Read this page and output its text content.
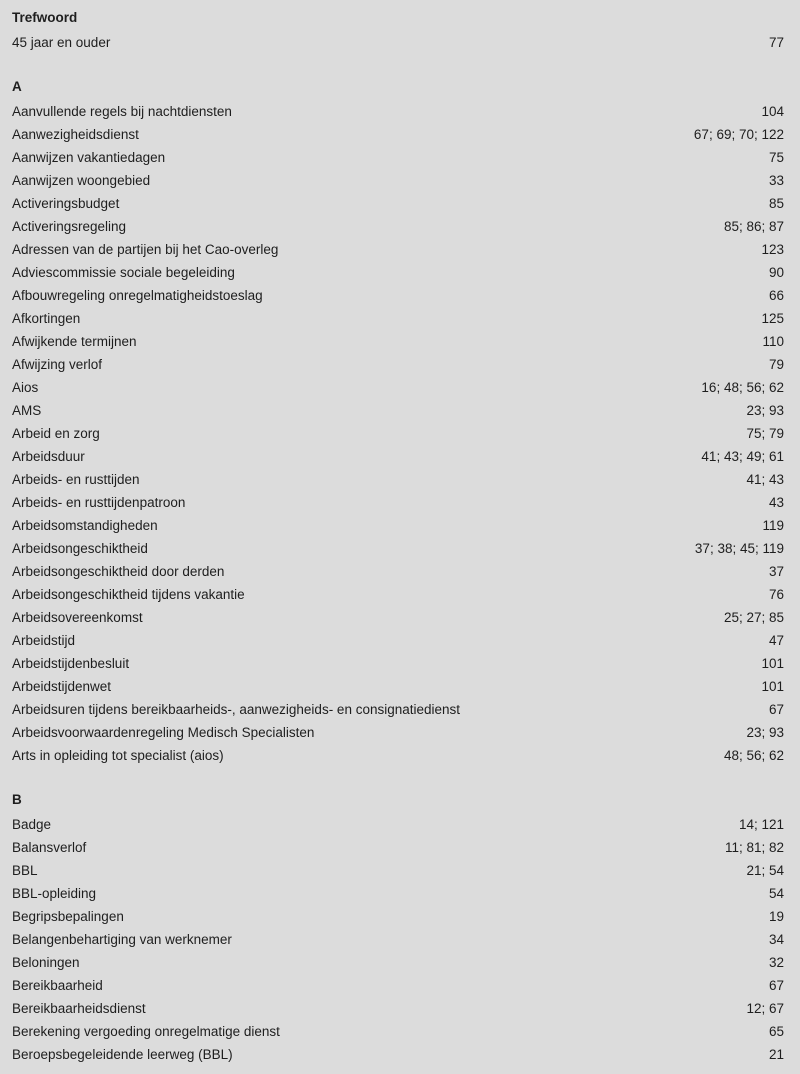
Trefwoord
45 jaar en ouder	77
A
Aanvullende regels bij nachtdiensten	104
Aanwezigheidsdienst	67; 69; 70; 122
Aanwijzen vakantiedagen	75
Aanwijzen woongebied	33
Activeringsbudget	85
Activeringsregeling	85; 86; 87
Adressen van de partijen bij het Cao-overleg	123
Adviescommissie sociale begeleiding	90
Afbouwregeling onregelmatigheidstoeslag	66
Afkortingen	125
Afwijkende termijnen	110
Afwijzing verlof	79
Aios	16; 48; 56; 62
AMS	23; 93
Arbeid en zorg	75; 79
Arbeidsduur	41; 43; 49; 61
Arbeids- en rusttijden	41; 43
Arbeids- en rusttijdenpatroon	43
Arbeidsomstandigheden	119
Arbeidsongeschiktheid	37; 38; 45; 119
Arbeidsongeschiktheid door derden	37
Arbeidsongeschiktheid tijdens vakantie	76
Arbeidsovereenkomst	25; 27; 85
Arbeidstijd	47
Arbeidstijdenbesluit	101
Arbeidstijdenwet	101
Arbeidsuren tijdens bereikbaarheids-, aanwezigheids- en consignatiedienst	67
Arbeidsvoorwaardenregeling Medisch Specialisten	23; 93
Arts in opleiding tot specialist (aios)	48; 56; 62
B
Badge	14; 121
Balansverlof	11; 81; 82
BBL	21; 54
BBL-opleiding	54
Begripsbepalingen	19
Belangenbehartiging van werknemer	34
Beloningen	32
Bereikbaarheid	67
Bereikbaarheidsdienst	12; 67
Berekening vergoeding onregelmatige dienst	65
Beroepsbegeleidende leerweg (BBL)	21
